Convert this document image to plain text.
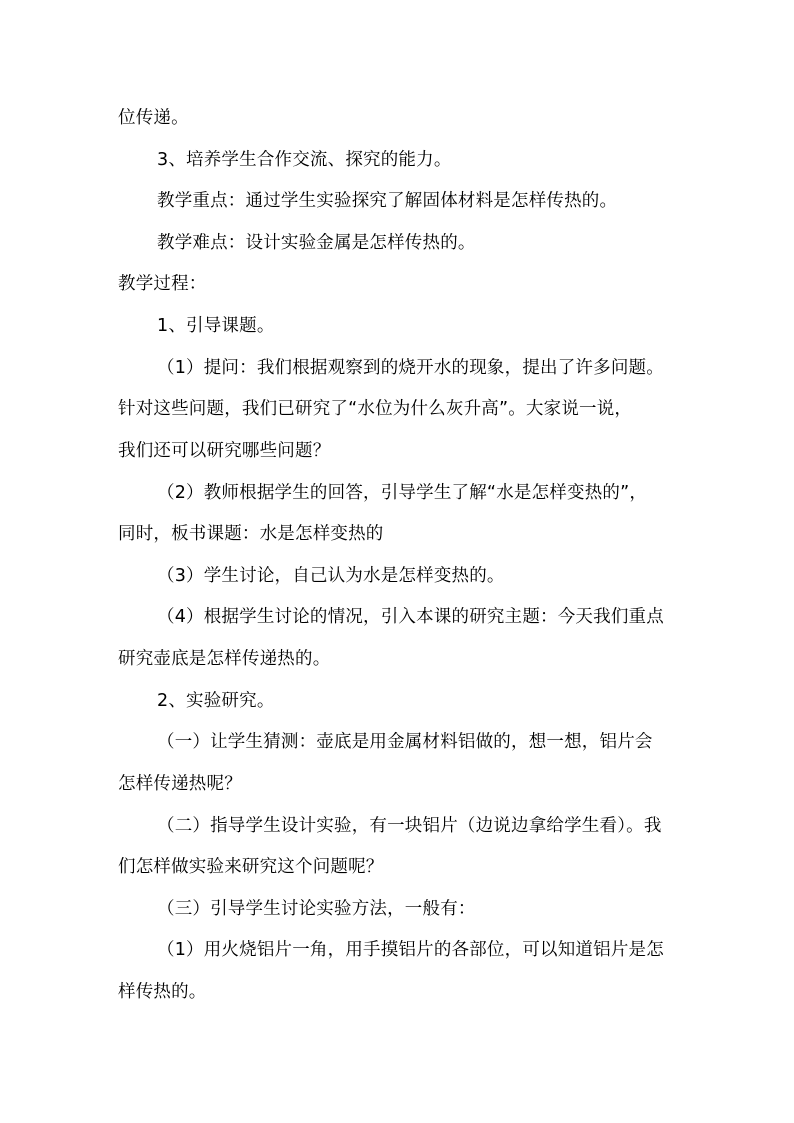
位传递。
3、培养学生合作交流、探究的能力。
教学重点：通过学生实验探究了解固体材料是怎样传热的。
教学难点：设计实验金属是怎样传热的。
教学过程：
1、引导课题。
（1）提问：我们根据观察到的烧开水的现象，提出了许多问题。
针对这些问题，我们已研究了“水位为什么灰升高”。大家说一说，
我们还可以研究哪些问题？
（2）教师根据学生的回答，引导学生了解“水是怎样变热的”，
同时，板书课题：水是怎样变热的
（3）学生讨论，自己认为水是怎样变热的。
（4）根据学生讨论的情况，引入本课的研究主题：今天我们重点
研究壶底是怎样传递热的。
2、实验研究。
（一）让学生猜测：壶底是用金属材料铝做的，想一想，铝片会
怎样传递热呢？
（二）指导学生设计实验，有一块铝片（边说边拿给学生看）。我
们怎样做实验来研究这个问题呢？
（三）引导学生讨论实验方法，一般有：
（1）用火烧铝片一角，用手摸铝片的各部位，可以知道铝片是怎
样传热的。
